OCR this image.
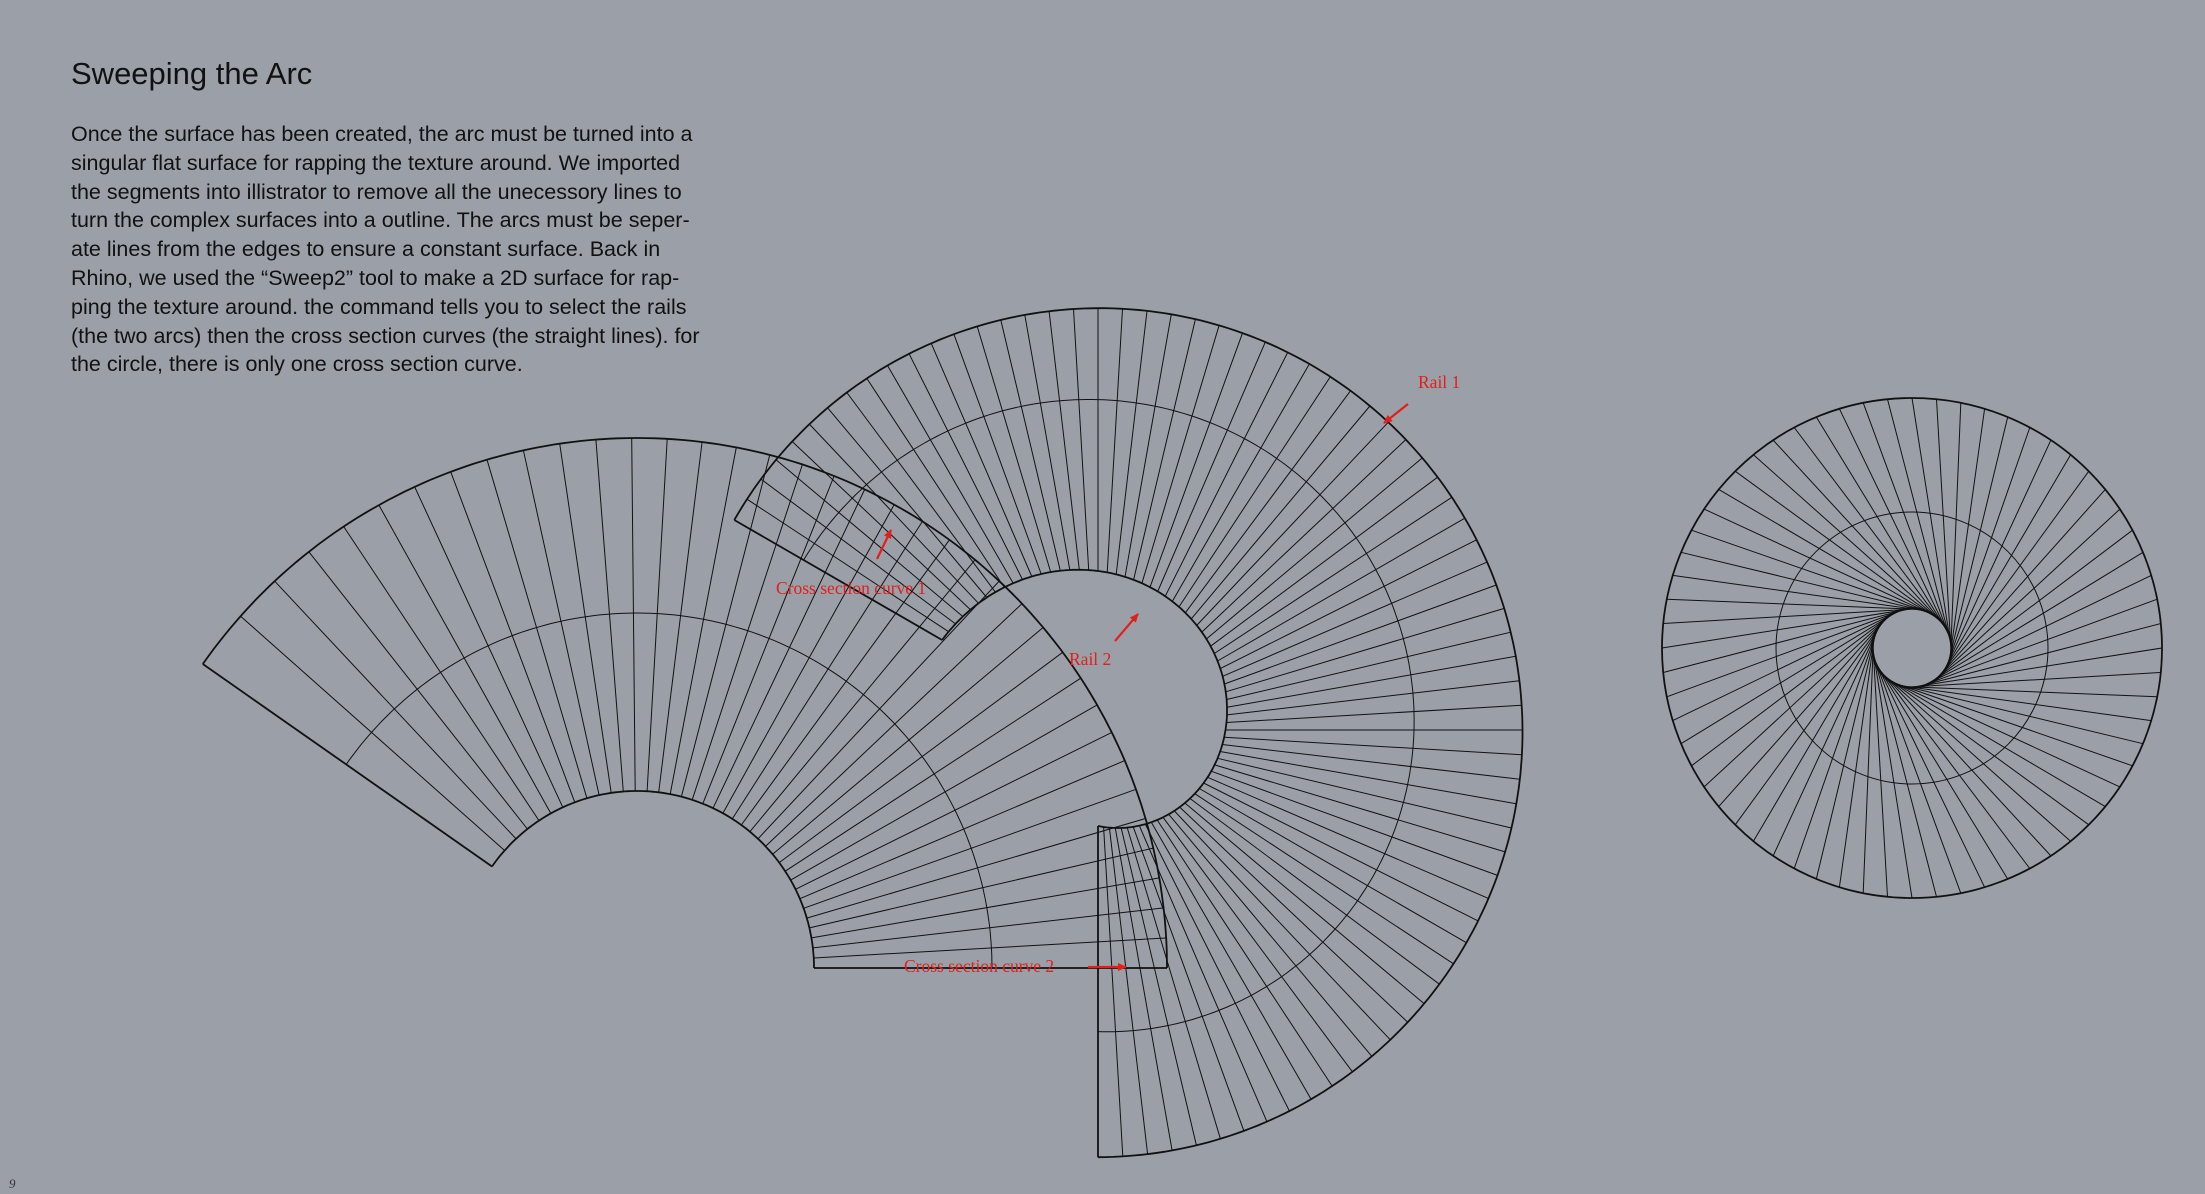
Sweeping the Arc
Once the surface has been created, the arc must be turned into a
singular flat surface for rapping the texture around. We imported
the segments into illistrator to remove all the unecessory lines to
turn the complex surfaces into a outline. The arcs must be seper-
ate lines from the edges to ensure a constant surface. Back in
Rhino, we used the “Sweep2” tool to make a 2D surface for rap-
ping the texture around. the command tells you to select the rails
(the two arcs) then the cross section curves (the straight lines). for
the circle, there is only one cross section curve.
Rail 1
Rail 2
Cross section curve 1
Cross section curve 2
9
